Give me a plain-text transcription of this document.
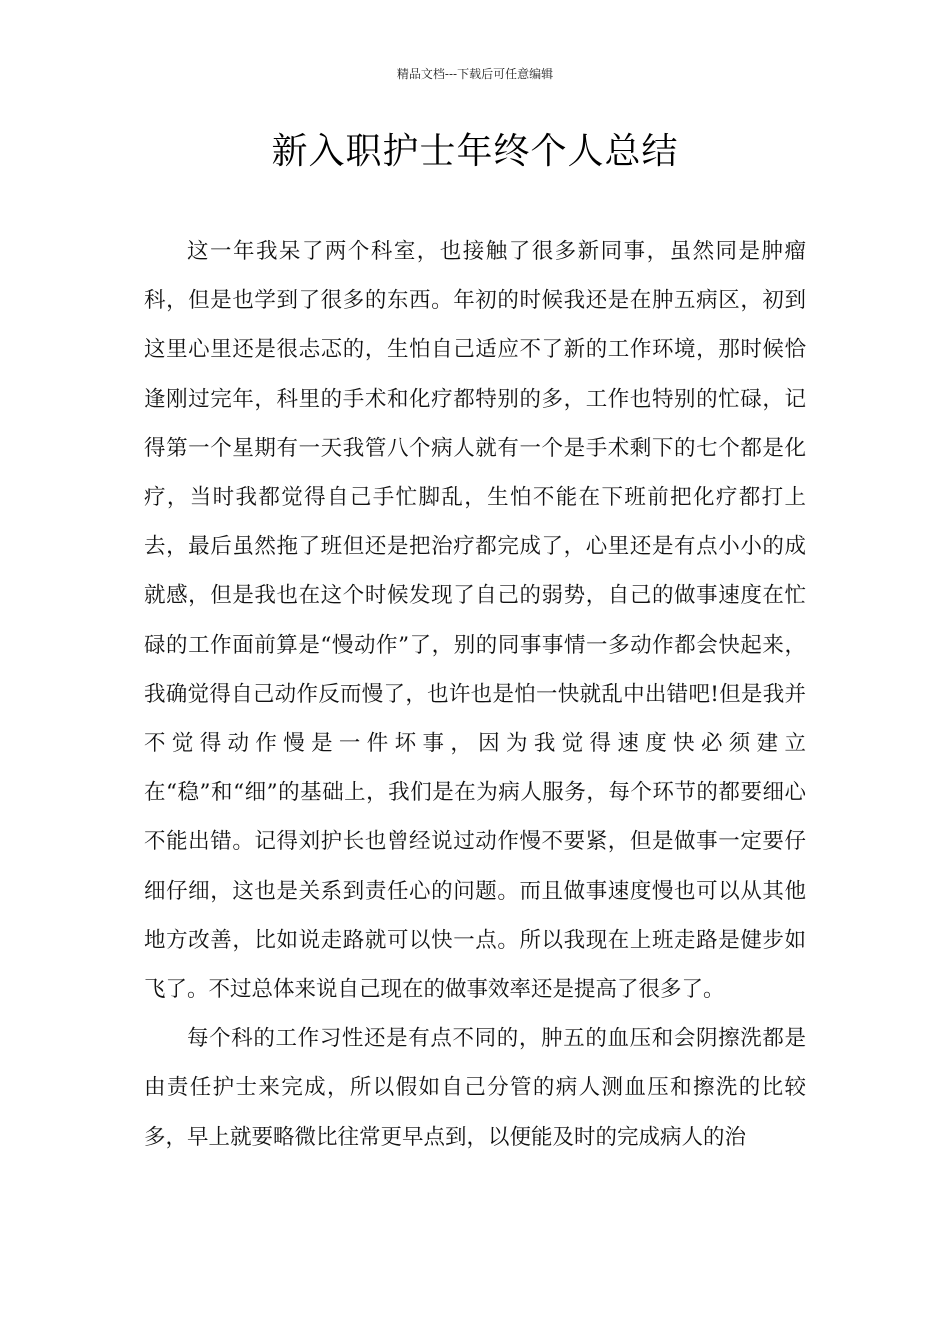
精品文档---下载后可任意编辑
新入职护士年终个人总结

这一年我呆了两个科室，也接触了很多新同事，虽然同是肿瘤科，但是也学到了很多的东西。年初的时候我还是在肿五病区，初到这里心里还是很忐忑的，生怕自己适应不了新的工作环境，那时候恰逢刚过完年，科里的手术和化疗都特别的多，工作也特别的忙碌，记得第一个星期有一天我管八个病人就有一个是手术剩下的七个都是化疗，当时我都觉得自己手忙脚乱，生怕不能在下班前把化疗都打上去，最后虽然拖了班但还是把治疗都完成了，心里还是有点小小的成就感，但是我也在这个时候发现了自己的弱势，自己的做事速度在忙碌的工作面前算是“慢动作”了，别的同事事情一多动作都会快起来，我确觉得自己动作反而慢了，也许也是怕一快就乱中出错吧!但是我并不觉得动作慢是一件坏事，因为我觉得速度快必须建立在“稳”和“细”的基础上，我们是在为病人服务，每个环节的都要细心不能出错。记得刘护长也曾经说过动作慢不要紧，但是做事一定要仔细仔细，这也是关系到责任心的问题。而且做事速度慢也可以从其他地方改善，比如说走路就可以快一点。所以我现在上班走路是健步如飞了。不过总体来说自己现在的做事效率还是提高了很多了。

每个科的工作习性还是有点不同的，肿五的血压和会阴擦洗都是由责任护士来完成，所以假如自己分管的病人测血压和擦洗的比较多，早上就要略微比往常更早点到，以便能及时的完成病人的治
